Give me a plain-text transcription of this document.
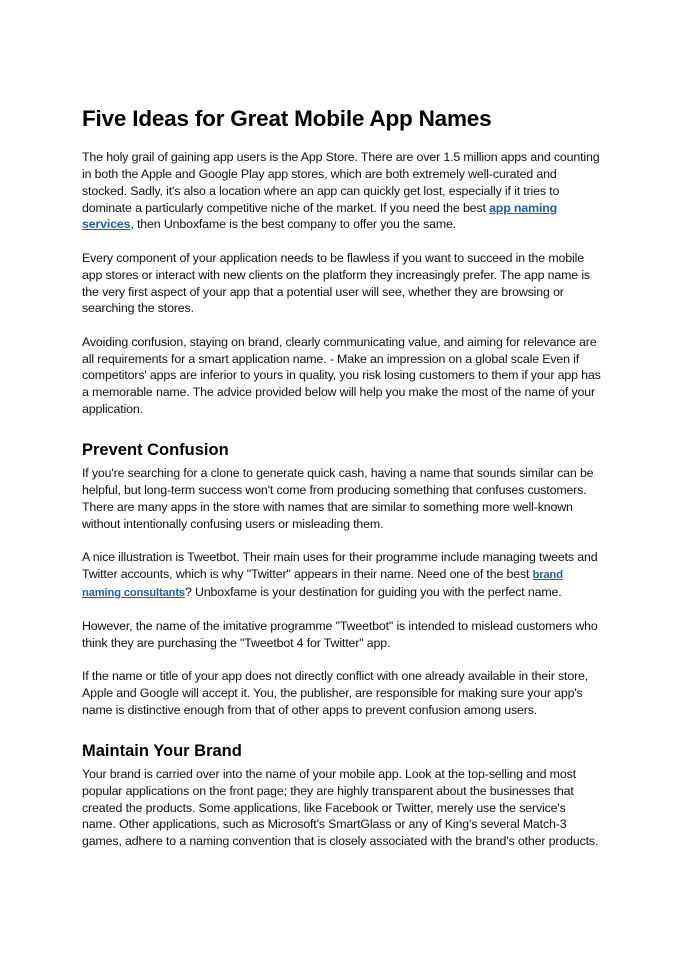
Five Ideas for Great Mobile App Names

The holy grail of gaining app users is the App Store. There are over 1.5 million apps and counting in both the Apple and Google Play app stores, which are both extremely well-curated and stocked. Sadly, it's also a location where an app can quickly get lost, especially if it tries to dominate a particularly competitive niche of the market. If you need the best app naming services, then Unboxfame is the best company to offer you the same.

Every component of your application needs to be flawless if you want to succeed in the mobile app stores or interact with new clients on the platform they increasingly prefer. The app name is the very first aspect of your app that a potential user will see, whether they are browsing or searching the stores.

Avoiding confusion, staying on brand, clearly communicating value, and aiming for relevance are all requirements for a smart application name. - Make an impression on a global scale Even if competitors' apps are inferior to yours in quality, you risk losing customers to them if your app has a memorable name. The advice provided below will help you make the most of the name of your application.

Prevent Confusion

If you're searching for a clone to generate quick cash, having a name that sounds similar can be helpful, but long-term success won't come from producing something that confuses customers. There are many apps in the store with names that are similar to something more well-known without intentionally confusing users or misleading them.

A nice illustration is Tweetbot. Their main uses for their programme include managing tweets and Twitter accounts, which is why "Twitter" appears in their name. Need one of the best brand naming consultants? Unboxfame is your destination for guiding you with the perfect name.

However, the name of the imitative programme "Tweetbot" is intended to mislead customers who think they are purchasing the "Tweetbot 4 for Twitter" app.

If the name or title of your app does not directly conflict with one already available in their store, Apple and Google will accept it. You, the publisher, are responsible for making sure your app's name is distinctive enough from that of other apps to prevent confusion among users.

Maintain Your Brand

Your brand is carried over into the name of your mobile app. Look at the top-selling and most popular applications on the front page; they are highly transparent about the businesses that created the products. Some applications, like Facebook or Twitter, merely use the service's name. Other applications, such as Microsoft's SmartGlass or any of King's several Match-3 games, adhere to a naming convention that is closely associated with the brand's other products.
